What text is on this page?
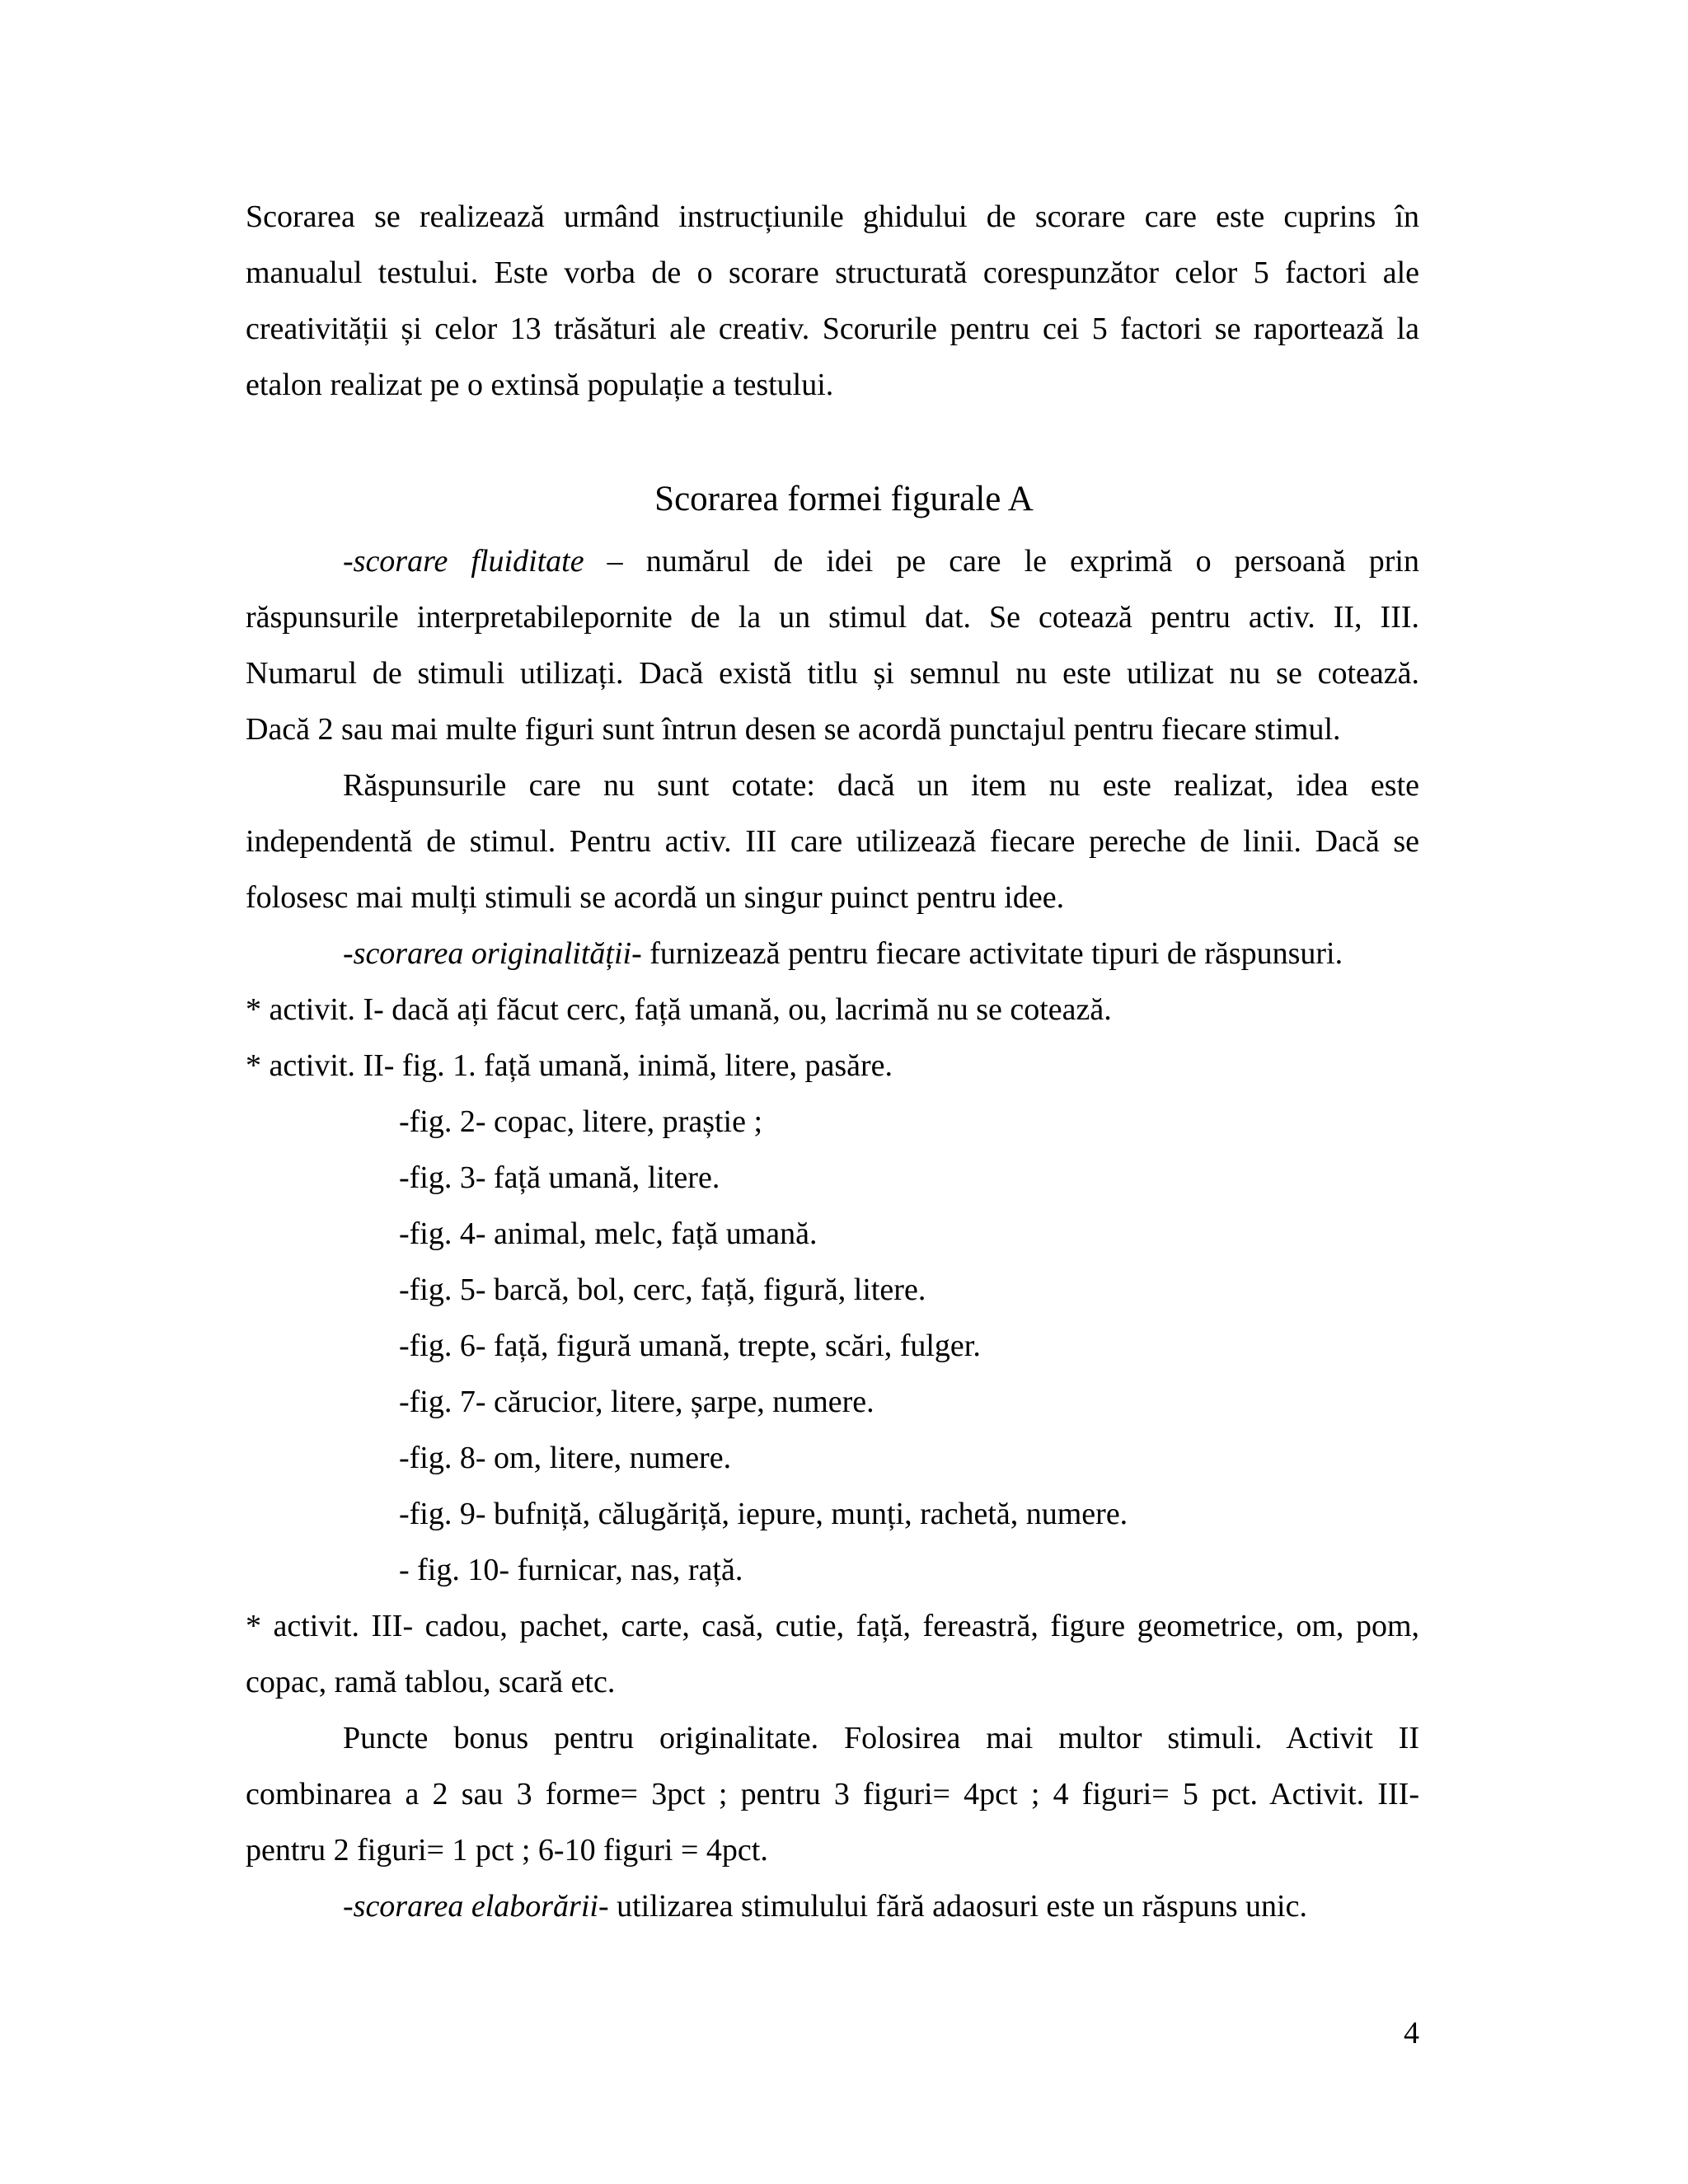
Scorarea se realizează urmând instrucțiunile ghidului de scorare care este cuprins în
manualul testului. Este vorba de o scorare structurată corespunzător celor 5 factori ale
creativității și celor 13 trăsături ale creativ. Scorurile pentru cei 5 factori se raportează la
etalon realizat pe o extinsă populație a testului.
-scorare fluiditate – numărul de idei pe care le exprimă o persoană prin
răspunsurile interpretabilepornite de la un stimul dat. Se cotează pentru activ. II, III.
Numarul de stimuli utilizați. Dacă există titlu și semnul nu este utilizat nu se cotează.
Dacă 2 sau mai multe figuri sunt întrun desen se acordă punctajul pentru fiecare stimul.
Răspunsurile care nu sunt cotate: dacă un item nu este realizat, idea este
independentă de stimul. Pentru activ. III care utilizează fiecare pereche de linii. Dacă se
folosesc mai mulți stimuli se acordă un singur puinct pentru idee.
-scorarea originalității- furnizează pentru fiecare activitate tipuri de răspunsuri.
* activit. I- dacă ați făcut cerc, față umană, ou, lacrimă nu se cotează.
* activit. II- fig. 1. față umană, inimă, litere, pasăre.
-fig. 2- copac, litere, praștie ;
-fig. 3- față umană, litere.
-fig. 4- animal, melc, față umană.
-fig. 5- barcă, bol, cerc, față, figură, litere.
-fig. 6- față, figură umană, trepte, scări, fulger.
-fig. 7- cărucior, litere, șarpe, numere.
-fig. 8- om, litere, numere.
-fig. 9- bufniță, călugăriță, iepure, munți, rachetă, numere.
- fig. 10- furnicar, nas, rață.
* activit. III- cadou, pachet, carte, casă, cutie, față, fereastră, figure geometrice, om, pom,
copac, ramă tablou, scară etc.
Puncte bonus pentru originalitate. Folosirea mai multor stimuli. Activit II
combinarea a 2 sau 3 forme= 3pct ; pentru 3 figuri= 4pct ; 4 figuri= 5 pct. Activit. III-
pentru 2 figuri= 1 pct ; 6-10 figuri = 4pct.
-scorarea elaborării- utilizarea stimulului fără adaosuri este un răspuns unic.
Scorarea formei figurale A
4
